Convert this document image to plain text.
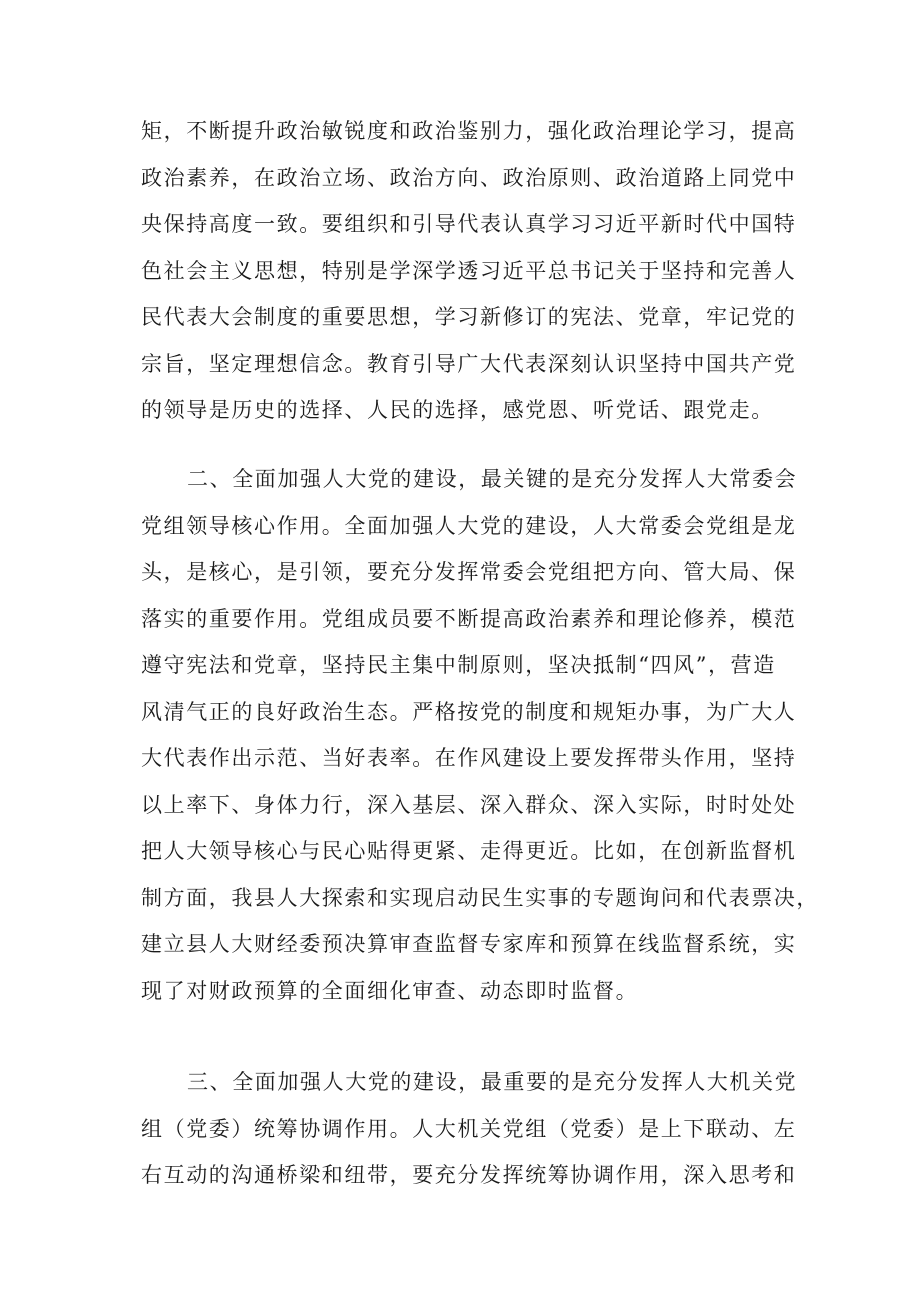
矩，不断提升政治敏锐度和政治鉴别力，强化政治理论学习，提高
政治素养，在政治立场、政治方向、政治原则、政治道路上同党中
央保持高度一致。要组织和引导代表认真学习习近平新时代中国特
色社会主义思想，特别是学深学透习近平总书记关于坚持和完善人
民代表大会制度的重要思想，学习新修订的宪法、党章，牢记党的
宗旨，坚定理想信念。教育引导广大代表深刻认识坚持中国共产党
的领导是历史的选择、人民的选择，感党恩、听党话、跟党走。
二、全面加强人大党的建设，最关键的是充分发挥人大常委会
党组领导核心作用。全面加强人大党的建设，人大常委会党组是龙
头，是核心，是引领，要充分发挥常委会党组把方向、管大局、保
落实的重要作用。党组成员要不断提高政治素养和理论修养，模范
遵守宪法和党章，坚持民主集中制原则，坚决抵制“四风”，营造
风清气正的良好政治生态。严格按党的制度和规矩办事，为广大人
大代表作出示范、当好表率。在作风建设上要发挥带头作用，坚持
以上率下、身体力行，深入基层、深入群众、深入实际，时时处处
把人大领导核心与民心贴得更紧、走得更近。比如，在创新监督机
制方面，我县人大探索和实现启动民生实事的专题询问和代表票决，
建立县人大财经委预决算审查监督专家库和预算在线监督系统，实
现了对财政预算的全面细化审查、动态即时监督。
三、全面加强人大党的建设，最重要的是充分发挥人大机关党
组（党委）统筹协调作用。人大机关党组（党委）是上下联动、左
右互动的沟通桥梁和纽带，要充分发挥统筹协调作用，深入思考和
